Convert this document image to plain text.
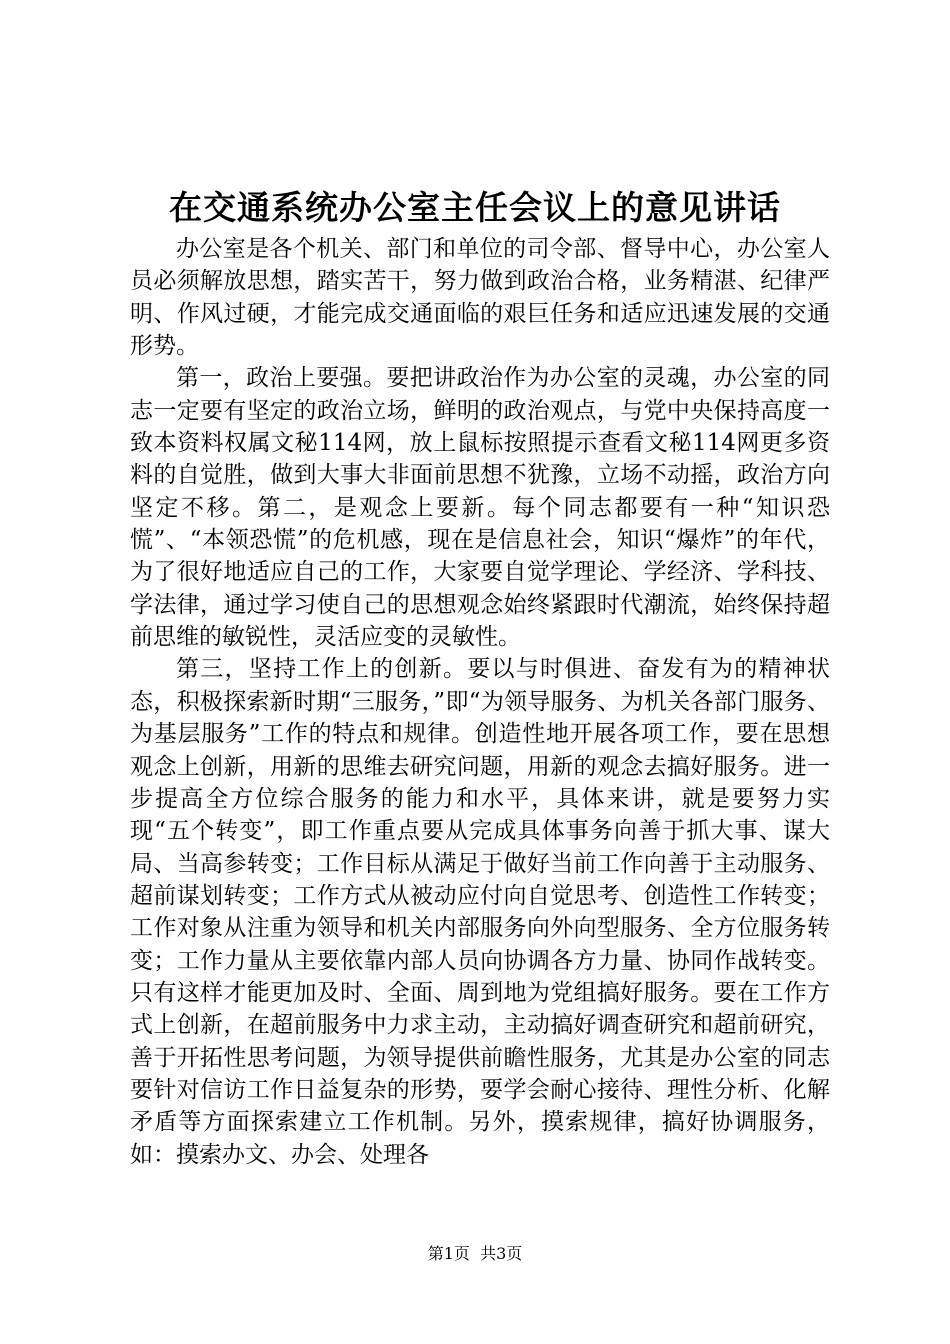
在交通系统办公室主任会议上的意见讲话

办公室是各个机关、部门和单位的司令部、督导中心，办公室人员必须解放思想，踏实苦干，努力做到政治合格，业务精湛、纪律严明、作风过硬，才能完成交通面临的艰巨任务和适应迅速发展的交通形势。

第一，政治上要强。要把讲政治作为办公室的灵魂，办公室的同志一定要有坚定的政治立场，鲜明的政治观点，与党中央保持高度一致本资料权属文秘114网，放上鼠标按照提示查看文秘114网更多资料的自觉胜，做到大事大非面前思想不犹豫，立场不动摇，政治方向坚定不移。第二，是观念上要新。每个同志都要有一种“知识恐慌”、“本领恐慌”的危机感，现在是信息社会，知识“爆炸”的年代，为了很好地适应自己的工作，大家要自觉学理论、学经济、学科技、学法律，通过学习使自己的思想观念始终紧跟时代潮流，始终保持超前思维的敏锐性，灵活应变的灵敏性。

第三，坚持工作上的创新。要以与时俱进、奋发有为的精神状态，积极探索新时期“三服务，”即“为领导服务、为机关各部门服务、为基层服务”工作的特点和规律。创造性地开展各项工作，要在思想观念上创新，用新的思维去研究问题，用新的观念去搞好服务。进一步提高全方位综合服务的能力和水平，具体来讲，就是要努力实现“五个转变”，即工作重点要从完成具体事务向善于抓大事、谋大局、当高参转变；工作目标从满足于做好当前工作向善于主动服务、超前谋划转变；工作方式从被动应付向自觉思考、创造性工作转变；工作对象从注重为领导和机关内部服务向外向型服务、全方位服务转变；工作力量从主要依靠内部人员向协调各方力量、协同作战转变。只有这样才能更加及时、全面、周到地为党组搞好服务。要在工作方式上创新，在超前服务中力求主动，主动搞好调查研究和超前研究，善于开拓性思考问题，为领导提供前瞻性服务，尤其是办公室的同志要针对信访工作日益复杂的形势，要学会耐心接待、理性分析、化解矛盾等方面探索建立工作机制。另外，摸索规律，搞好协调服务，如：摸索办文、办会、处理各

第1页 共3页
